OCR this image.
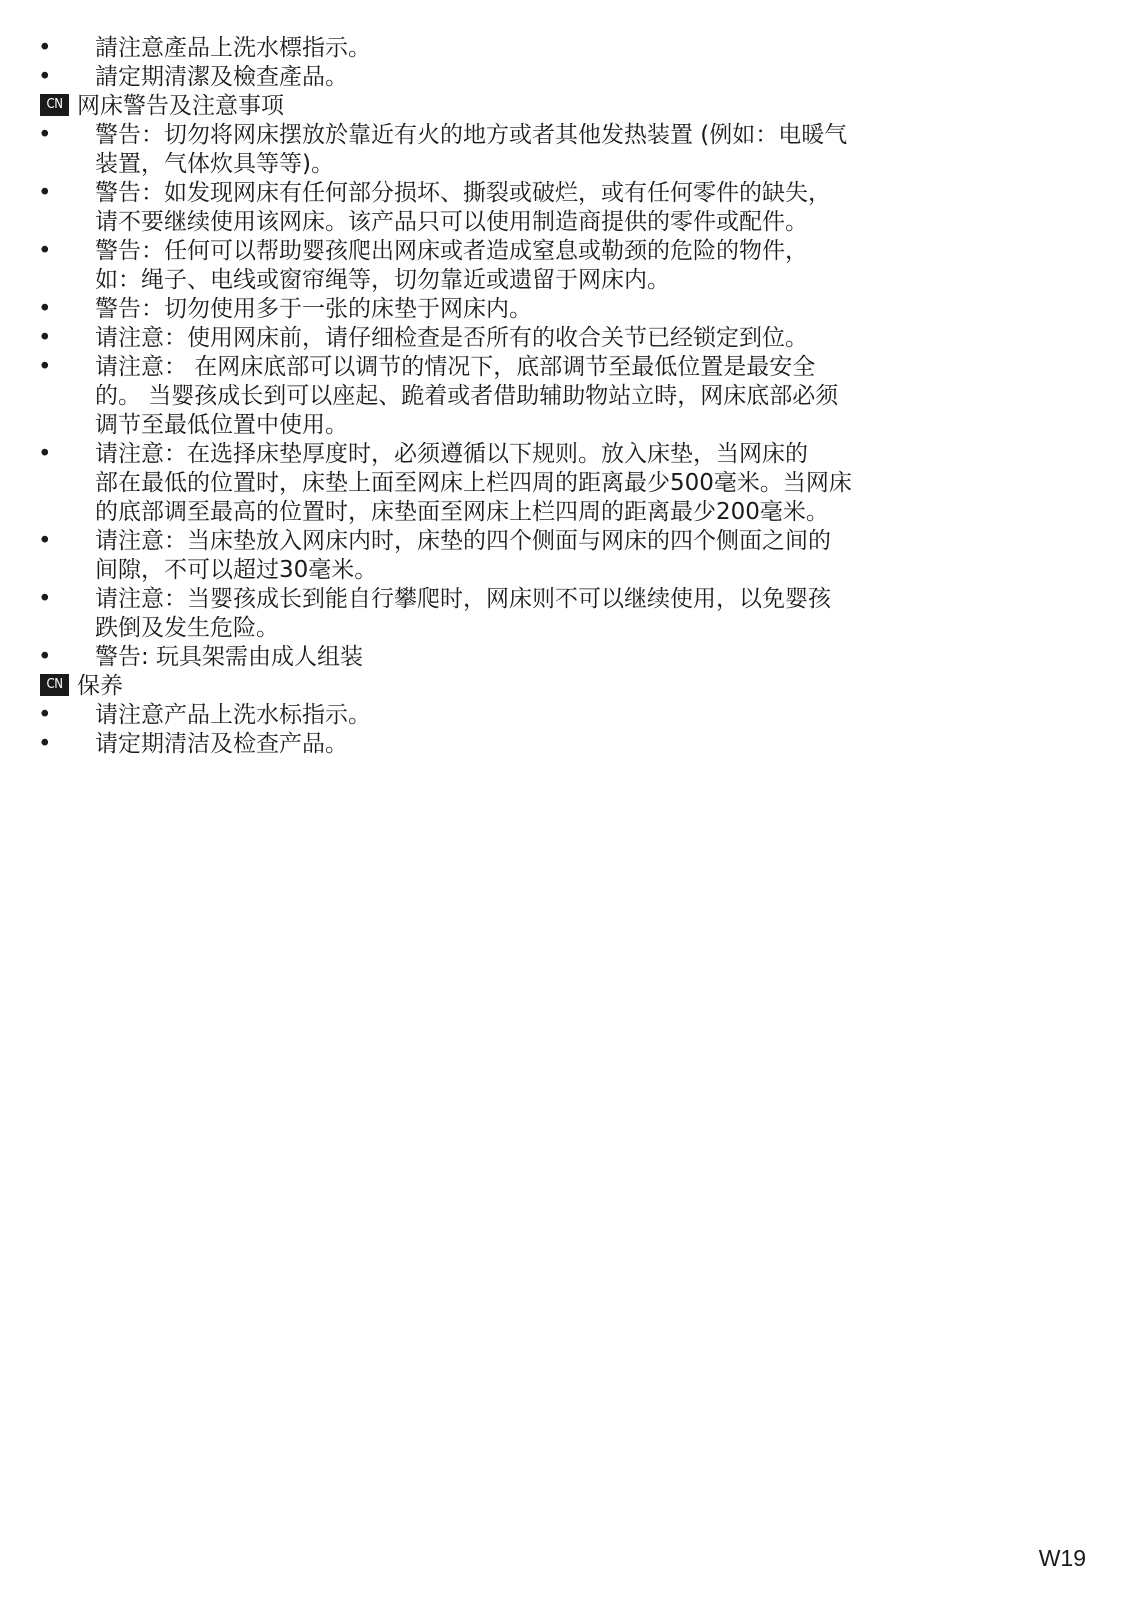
• 請注意產品上洗水標指示。
• 請定期清潔及檢查產品。
CN 网床警告及注意事项
• 警告：切勿将网床摆放於靠近有火的地方或者其他发热装置 (例如：电暖气
装置，气体炊具等等)。
• 警告：如发现网床有任何部分损坏、撕裂或破烂，或有任何零件的缺失，
请不要继续使用该网床。该产品只可以使用制造商提供的零件或配件。
• 警告：任何可以帮助婴孩爬出网床或者造成窒息或勒颈的危险的物件，
如：绳子、电线或窗帘绳等，切勿靠近或遗留于网床内。
• 警告：切勿使用多于一张的床垫于网床内。
• 请注意：使用网床前，请仔细检查是否所有的收合关节已经锁定到位。
• 请注意： 在网床底部可以调节的情况下，底部调节至最低位置是最安全
的。 当婴孩成长到可以座起、跪着或者借助辅助物站立時，网床底部必须
调节至最低位置中使用。
• 请注意：在选择床垫厚度时，必须遵循以下规则。放入床垫，当网床的
部在最低的位置时，床垫上面至网床上栏四周的距离最少500毫米。当网床
的底部调至最高的位置时，床垫面至网床上栏四周的距离最少200毫米。
• 请注意：当床垫放入网床内时，床垫的四个侧面与网床的四个侧面之间的
间隙，不可以超过30毫米。
• 请注意：当婴孩成长到能自行攀爬时，网床则不可以继续使用，以免婴孩
跌倒及发生危险。
• 警告: 玩具架需由成人组装
CN 保养
• 请注意产品上洗水标指示。
• 请定期清洁及检查产品。
W19
